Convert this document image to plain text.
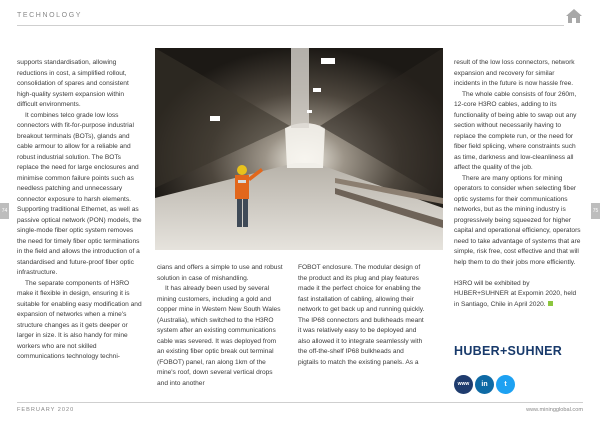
TECHNOLOGY
74	75

supports standardisation, allowing reductions in cost, a simplified rollout, consolidation of spares and consistent high-quality system expansion within difficult environments.

It combines telco grade low loss connectors with fit-for-purpose industrial breakout terminals (BOTs), glands and cable armour to allow for a reliable and robust industrial solution. The BOTs replace the need for large enclosures and minimise common failure points such as needless patching and unnecessary connector exposure to harsh elements. Supporting traditional Ethernet, as well as passive optical network (PON) models, the single-mode fiber optic system removes the need for timely fiber optic terminations in the field and allows the introduction of a standardised and future-proof fiber optic infrastructure.

The separate components of H3RO make it flexible in design, ensuring it is suitable for enabling easy modification and expansion of networks when a mine's structure changes as it gets deeper or larger in size. It is also handy for mine workers who are not skilled communications technology techni-

cians and offers a simple to use and robust solution in case of mishandling.

It has already been used by several mining customers, including a gold and copper mine in Western New South Wales (Australia), which switched to the H3RO system after an existing communications cable was severed. It was deployed from an existing fiber optic break out terminal (FOBOT) panel, ran along 1km of the mine's roof, down several vertical drops and into another

FOBOT enclosure. The modular design of the product and its plug and play features made it the perfect choice for enabling the fast installation of cabling, allowing their network to get back up and running quickly. The IP68 connectors and bulkheads meant it was relatively easy to be deployed and also allowed it to integrate seamlessly with the off-the-shelf IP68 bulkheads and pigtails to match the existing panels. As a

result of the low loss connectors, network expansion and recovery for similar incidents in the future is now hassle free.

The whole cable consists of four 260m, 12-core H3RO cables, adding to its functionality of being able to swap out any section without necessarily having to replace the complete run, or the need for fiber field splicing, where constraints such as time, darkness and low-cleanliness all affect the quality of the job.

There are many options for mining operators to consider when selecting fiber optic systems for their communications networks, but as the mining industry is progressively being squeezed for higher capital and operational efficiency, operators need to take advantage of systems that are simple, risk free, cost effective and that will help them to do their jobs more efficiently.

H3RO will be exhibited by HUBER+SUHNER at Expomin 2020, held in Santiago, Chile in April 2020.

HUBER+SUHNER
www	in	t
FEBRUARY 2020	www.miningglobal.com
